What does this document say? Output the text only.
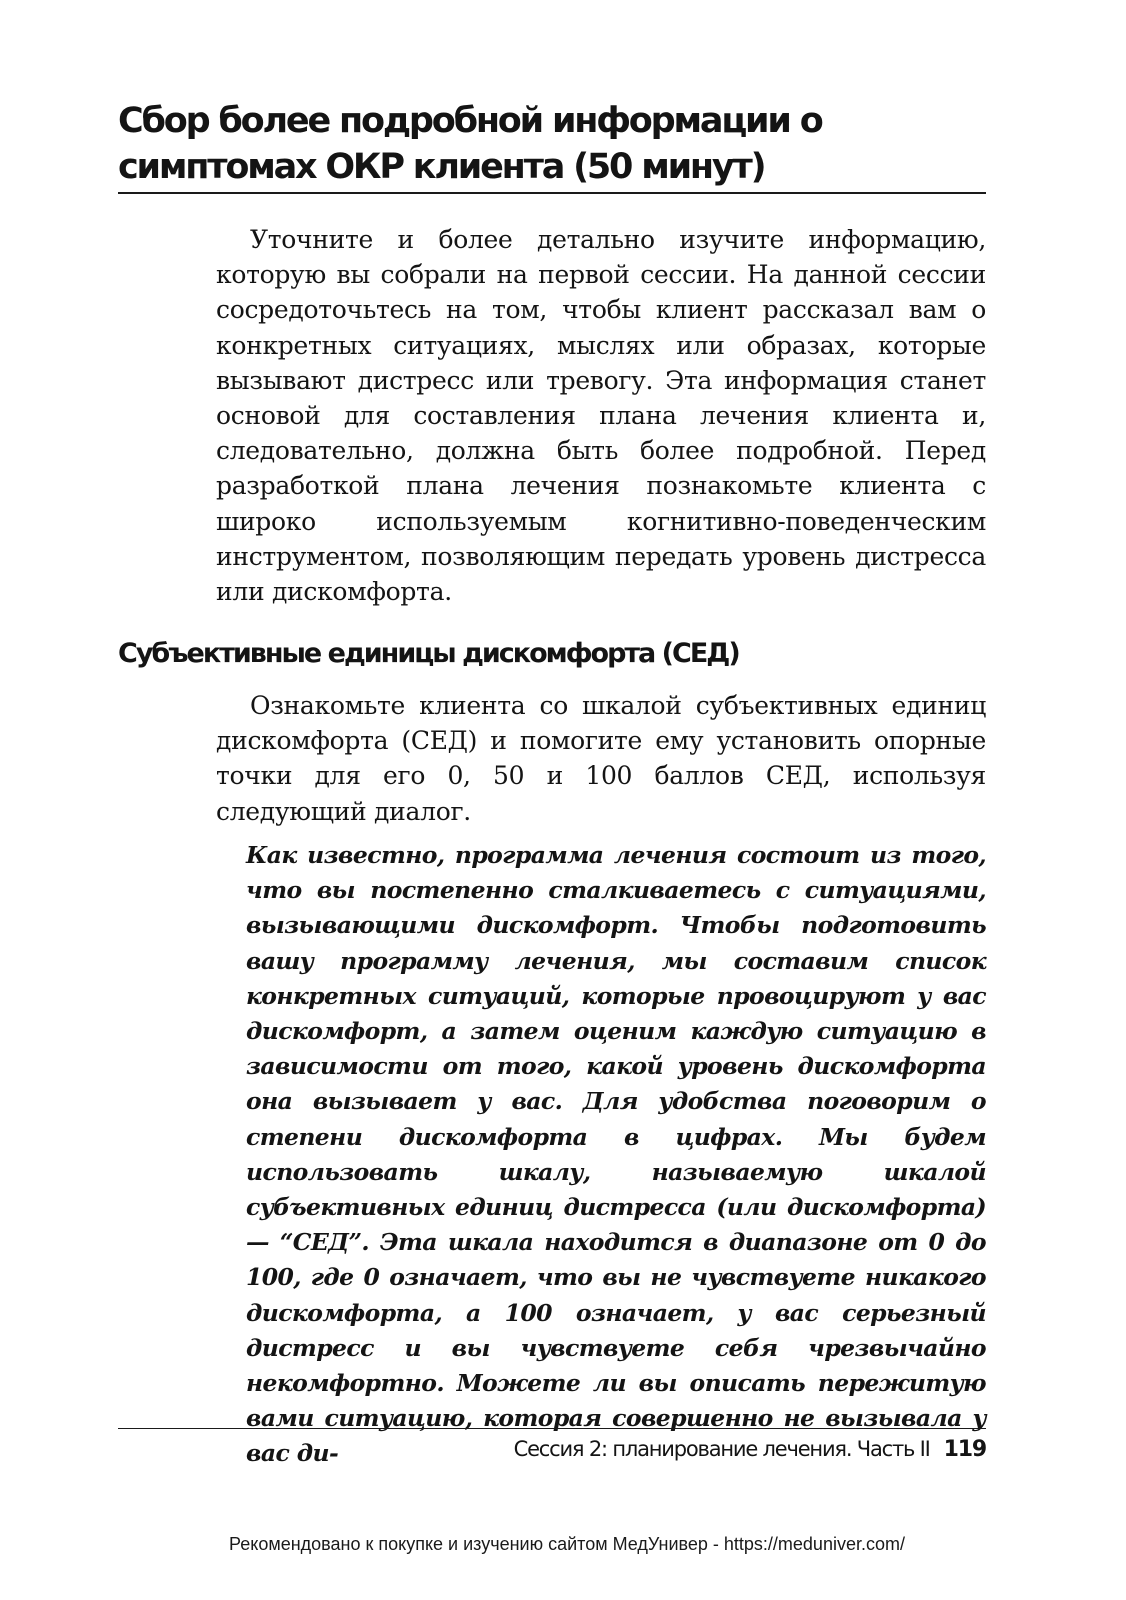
Сбор более подробной информации о симптомах ОКР клиента (50 минут)

Уточните и более детально изучите информацию, которую вы собрали на первой сессии. На данной сессии сосредоточьтесь на том, чтобы клиент рассказал вам о конкретных ситуациях, мыслях или образах, которые вызывают дистресс или тревогу. Эта информация станет основой для составления плана лечения клиента и, следовательно, должна быть более подробной. Перед разработкой плана лечения познакомьте клиента с широко используемым когнитивно-поведенческим инструментом, позволяющим передать уровень дистресса или дискомфорта.

Субъективные единицы дискомфорта (СЕД)

Ознакомьте клиента со шкалой субъективных единиц дискомфорта (СЕД) и помогите ему установить опорные точки для его 0, 50 и 100 баллов СЕД, используя следующий диалог.

Как известно, программа лечения состоит из того, что вы постепенно сталкиваетесь с ситуациями, вызывающими дискомфорт. Чтобы подготовить вашу программу лечения, мы составим список конкретных ситуаций, которые провоцируют у вас дискомфорт, а затем оценим каждую ситуацию в зависимости от того, какой уровень дискомфорта она вызывает у вас. Для удобства поговорим о степени дискомфорта в цифрах. Мы будем использовать шкалу, называемую шкалой субъективных единиц дистресса (или дискомфорта) — “СЕД”. Эта шкала находится в диапазоне от 0 до 100, где 0 означает, что вы не чувствуете никакого дискомфорта, а 100 означает, у вас серьезный дистресс и вы чувствуете себя чрезвычайно некомфортно. Можете ли вы описать пережитую вами ситуацию, которая совершенно не вызывала у вас ди-	Сессия 2: планирование лечения. Часть II 119
Рекомендовано к покупке и изучению сайтом МедУнивер - https://meduniver.com/
